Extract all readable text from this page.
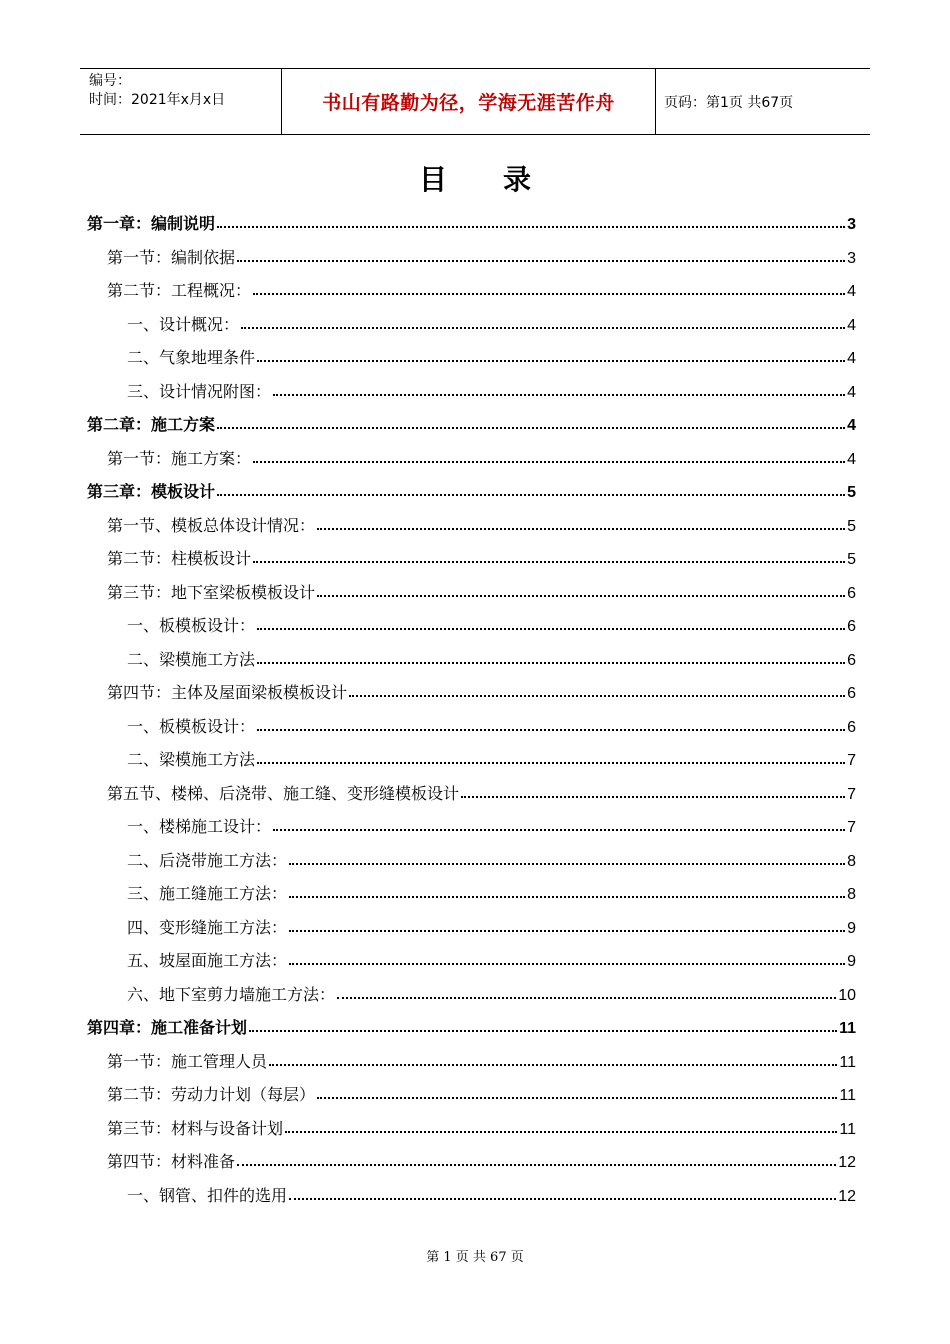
编号：
时间：2021年x月x日	书山有路勤为径，学海无涯苦作舟	页码：第1页 共67页
目录
第一章：编制说明	3
第一节：编制依据	3
第二节：工程概况：	4
一、设计概况：	4
二、气象地埋条件	4
三、设计情况附图：	4
第二章：施工方案	4
第一节：施工方案：	4
第三章：模板设计	5
第一节、模板总体设计情况：	5
第二节：柱模板设计	5
第三节：地下室梁板模板设计	6
一、板模板设计：	6
二、梁模施工方法	6
第四节：主体及屋面梁板模板设计	6
一、板模板设计：	6
二、梁模施工方法	7
第五节、楼梯、后浇带、施工缝、变形缝模板设计	7
一、楼梯施工设计：	7
二、后浇带施工方法：	8
三、施工缝施工方法：	8
四、变形缝施工方法：	9
五、坡屋面施工方法：	9
六、地下室剪力墙施工方法：	10
第四章：施工准备计划	11
第一节：施工管理人员	11
第二节：劳动力计划（每层）	11
第三节：材料与设备计划	11
第四节：材料准备	12
一、钢管、扣件的选用	12
第 1 页 共 67 页
